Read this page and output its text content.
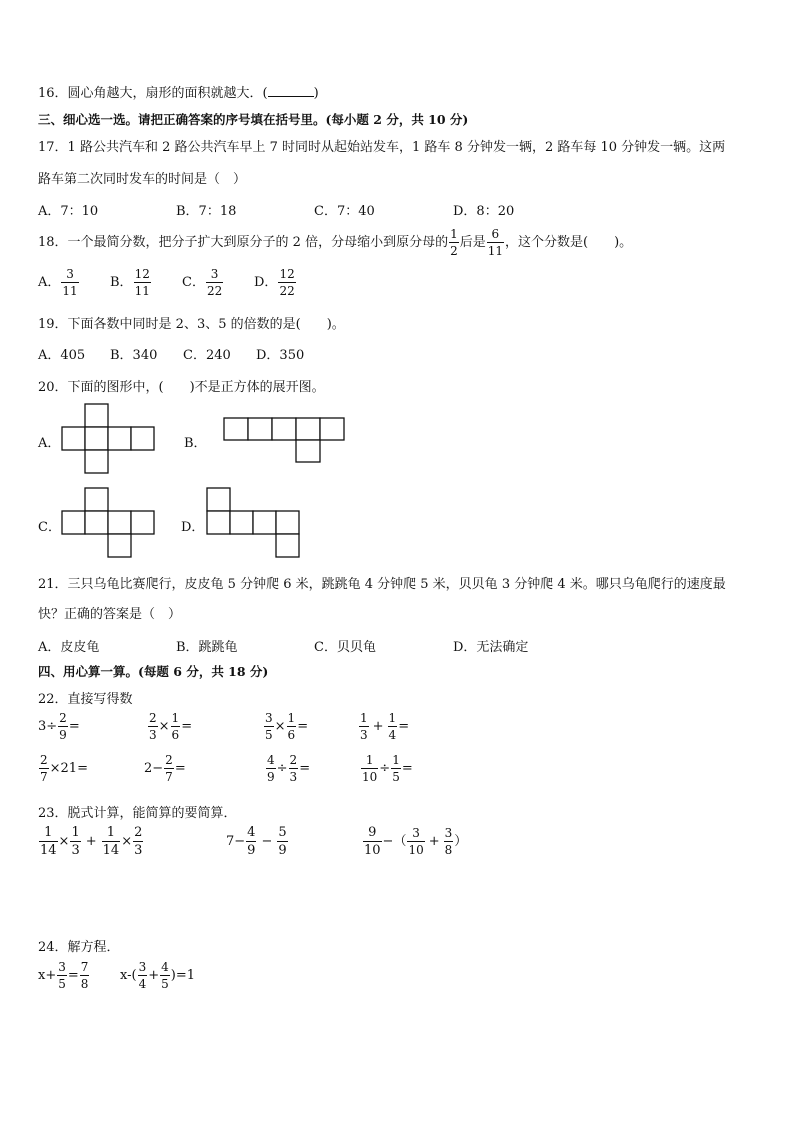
16．圆心角越大，扇形的面积就越大．(	)
三、细心选一选。请把正确答案的序号填在括号里。(每小题 2 分，共 10 分)
17．1 路公共汽车和 2 路公共汽车早上 7 时同时从起始站发车，1 路车 8 分钟发一辆，2 路车每 10 分钟发一辆。这两
路车第二次同时发车的时间是（　）
A．7：10	B．7：18	C．7：40	D．8：20
18．一个最简分数，把分子扩大到原分子的 2 倍，分母缩小到原分母的 $\frac{1}{2}$ 后是 $\frac{6}{11}$ ，这个分数是(　　)。
A． $\frac{3}{11}$ B． $\frac{12}{11}$ C． $\frac{3}{22}$ D． $\frac{12}{22}$
19．下面各数中同时是 2、3、5 的倍数的是(　　)。
A．405 B．340 C．240 D．350
20．下面的图形中，(　　)不是正方体的展开图。
A．	B．
C．	D．
21．三只乌龟比赛爬行，皮皮龟 5 分钟爬 6 米，跳跳龟 4 分钟爬 5 米，贝贝龟 3 分钟爬 4 米。哪只乌龟爬行的速度最
快？正确的答案是（　）
A．皮皮龟	B．跳跳龟	C．贝贝龟	D．无法确定
四、用心算一算。(每题 6 分，共 18 分)
22．直接写得数
$3\div \frac{2}{9}$ =	$\frac{2}{3} \times \frac{1}{6}$ =	$\frac{3}{5} \times \frac{1}{6}$ =	$\frac{1}{3} + \frac{1}{4}$ =
$\frac{2}{7} \times 21=$	$2- \frac{2}{7}$ =	$\frac{4}{9} \div \frac{2}{3}$ =	$\frac{1}{10} \div \frac{1}{5}$ =
23．脱式计算，能简算的要简算．
$\frac{1}{14} \times \frac{1}{3} + \frac{1}{14} \times \frac{2}{3}$	$7- \frac{4}{9} - \frac{5}{9}$	$\frac{9}{10}$ −（ $\frac{3}{10} + \frac{3}{8}$ ）
24．解方程．
$x+ \frac{3}{5} = \frac{7}{8} x-( \frac{3}{4} + \frac{4}{5} )=1$
